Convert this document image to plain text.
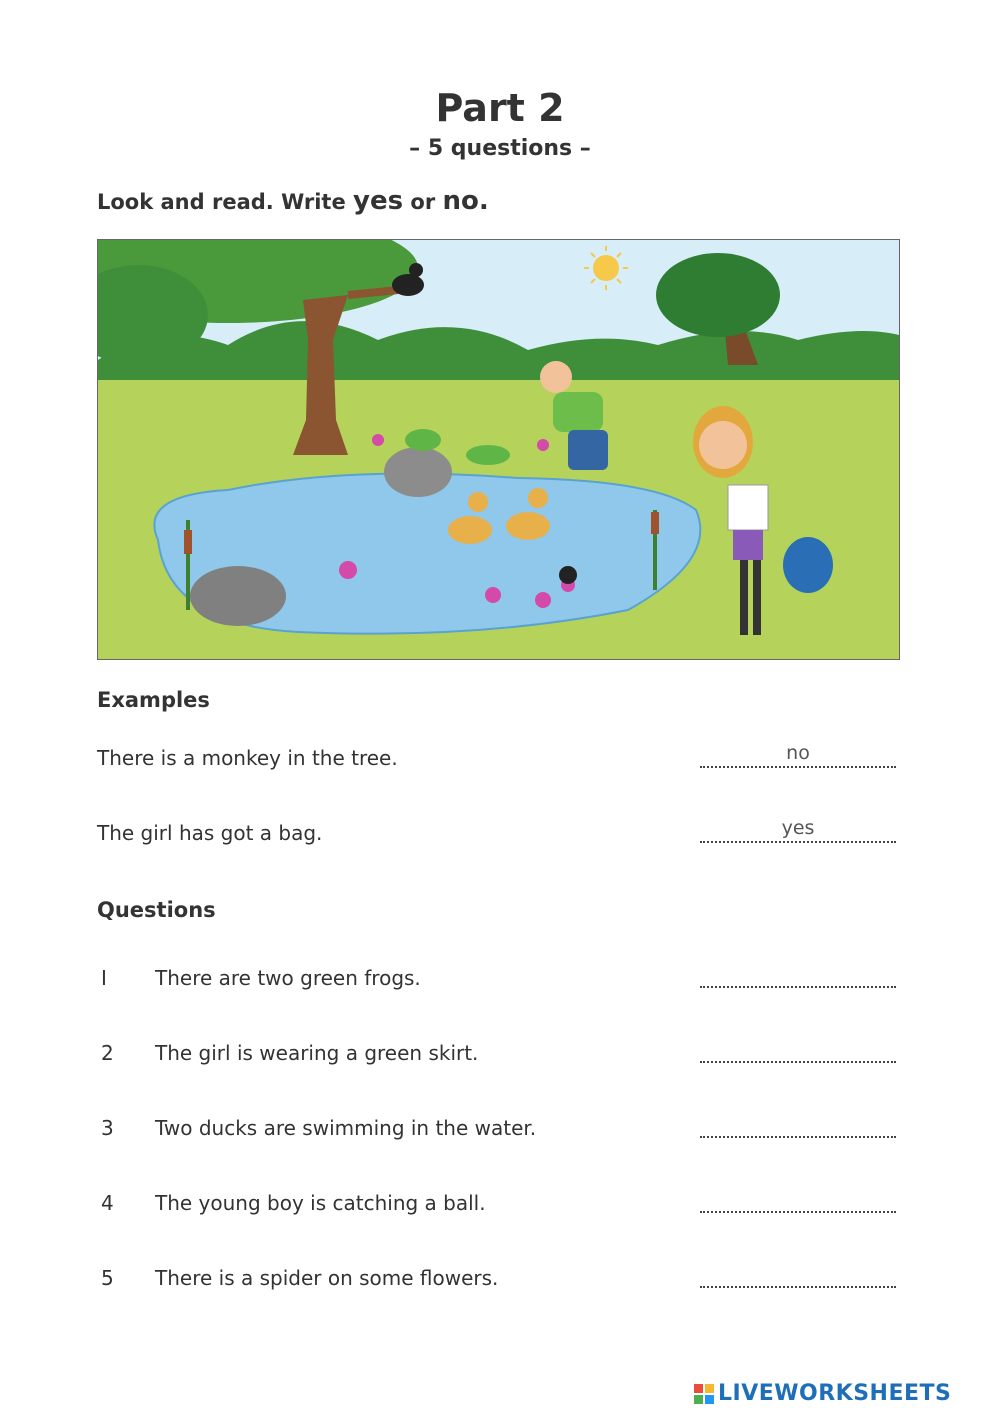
Part 2
– 5 questions –
Look and read. Write yes or no.
Examples
There is a monkey in the tree.	no
The girl has got a bag.	yes
Questions
I There are two green frogs.
2 The girl is wearing a green skirt.
3 Two ducks are swimming in the water.
4 The young boy is catching a ball.
5 There is a spider on some flowers.
LIVEWORKSHEETS
